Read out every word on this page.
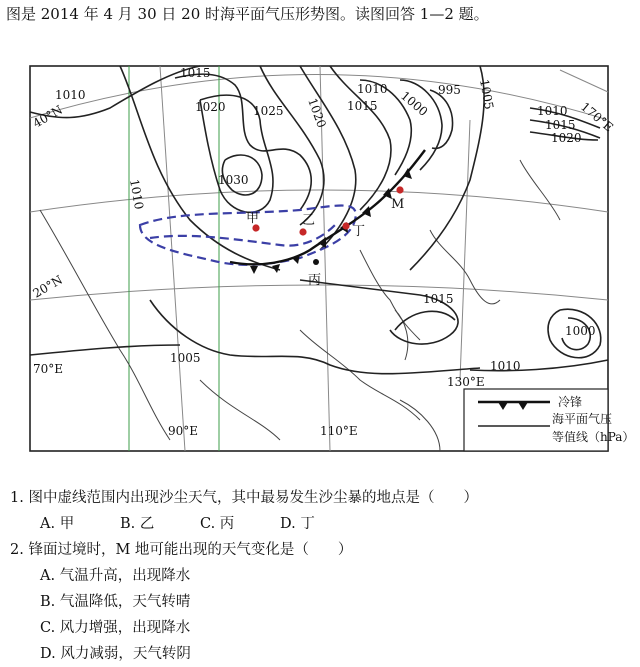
图是 2014 年 4 月 30 日 20 时海平面气压形势图。读图回答 1—2 题。
1010
1015
1020 1025
1030
1020 1015
1010 1000 995 1005
1010
1015
1020
1010
1015
1000
1005
1010
40°N
20°N
70°E
90°E	110°E
130°E
170°E
甲	乙
丙
丁
M
冷锋
海平面气压
等值线（hPa）
1. 图中虚线范围内出现沙尘天气，其中最易发生沙尘暴的地点是（　　）
A. 甲	B. 乙	C. 丙	D. 丁
2. 锋面过境时，M 地可能出现的天气变化是（　　）
A. 气温升高，出现降水
B. 气温降低，天气转晴
C. 风力增强，出现降水
D. 风力减弱，天气转阴
